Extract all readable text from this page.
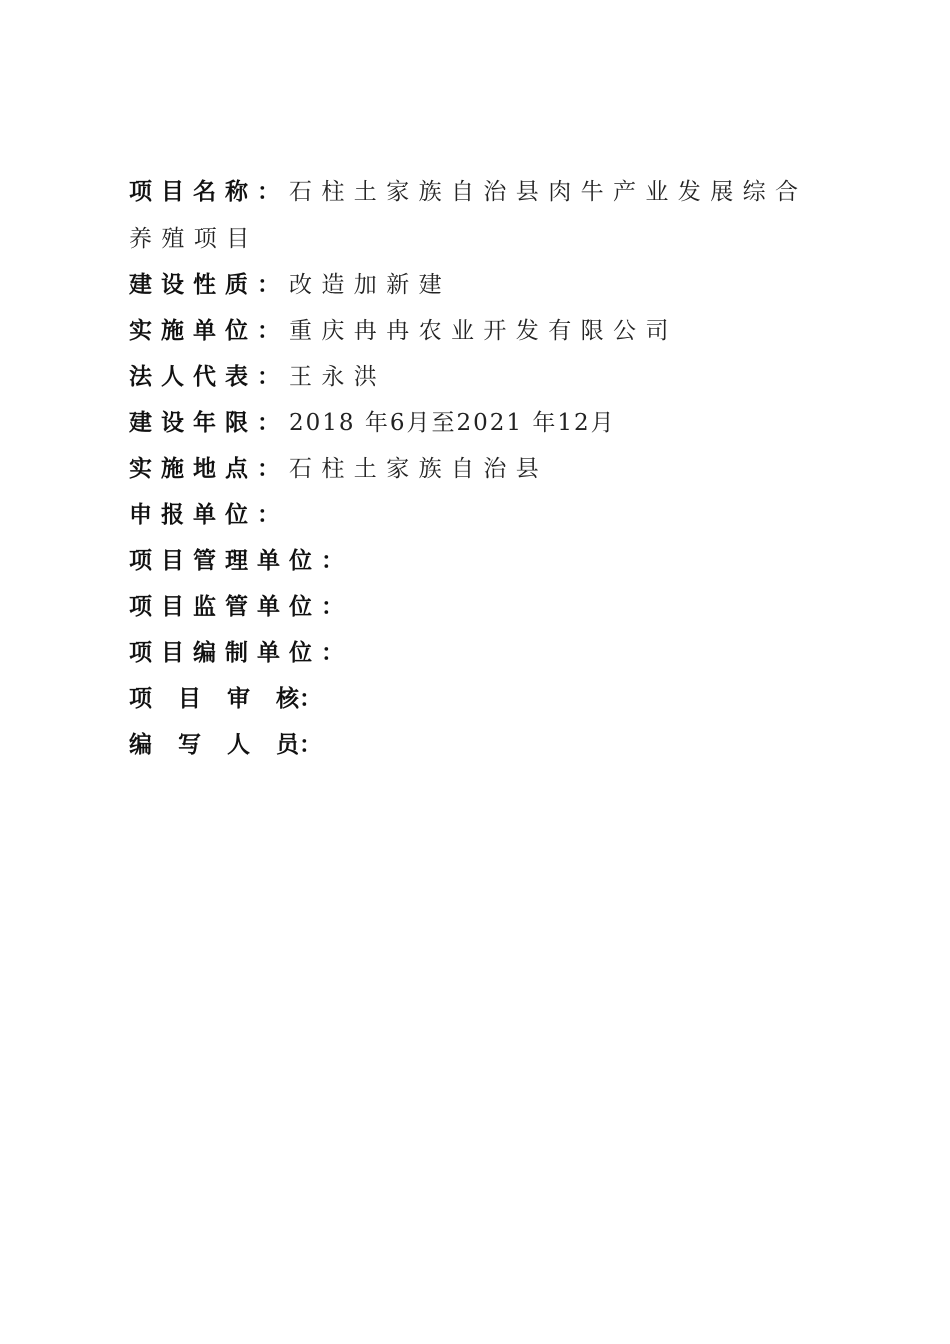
项目名称：石柱土家族自治县肉牛产业发展综合
养殖项目
建设性质：改造加新建
实施单位：重庆冉冉农业开发有限公司
法人代表：王永洪
建设年限：2018 年6月至2021 年12月
实施地点：石柱土家族自治县
申报单位：
项目管理单位：
项目监管单位：
项目编制单位：
项 目 审 核：
编 写 人 员：
